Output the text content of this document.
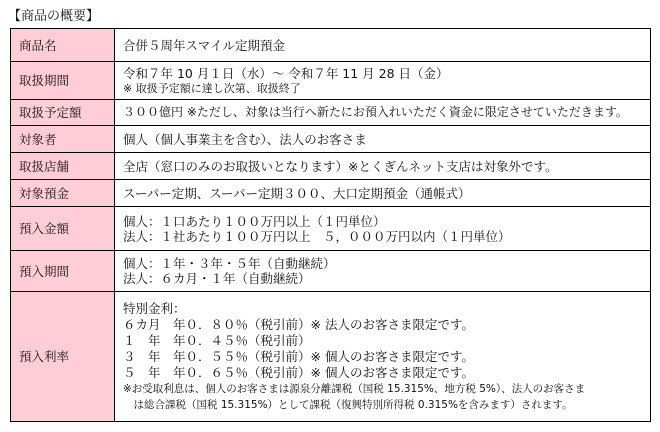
【商品の概要】
商品名	合併５周年スマイル定期預金

取扱期間	令和７年 10 月１日（水）～ 令和７年 11 月 28 日（金）
※ 取扱予定額に達し次第、取扱終了

取扱予定額	３００億円 ※ただし、対象は当行へ新たにお預入れいただく資金に限定させていただきます。

対象者	個人（個人事業主を含む）、法人のお客さま

取扱店舗	全店（窓口のみのお取扱いとなります）※とくぎんネット支店は対象外です。

対象預金	スーパー定期、スーパー定期３００、大口定期預金（通帳式）

預入金額	個人：１口あたり１００万円以上（１円単位）
法人：１社あたり１００万円以上　５，０００万円以内（１円単位）

預入期間	個人：１年・３年・５年（自動継続）
法人：６カ月・１年（自動継続）

預入利率	
特別金利：
６カ月　年０．８０％（税引前）※ 法人のお客さま限定です。
１　年　年０．４５％（税引前）
３　年　年０．５５％（税引前）※ 個人のお客さま限定です。
５　年　年０．６５％（税引前）※ 個人のお客さま限定です。
※お受取利息は、個人のお客さまは源泉分離課税（国税 15.315%、地方税 5%）、法人のお客さま
　は総合課税（国税 15.315%）として課税（復興特別所得税 0.315%を含みます）されます。
